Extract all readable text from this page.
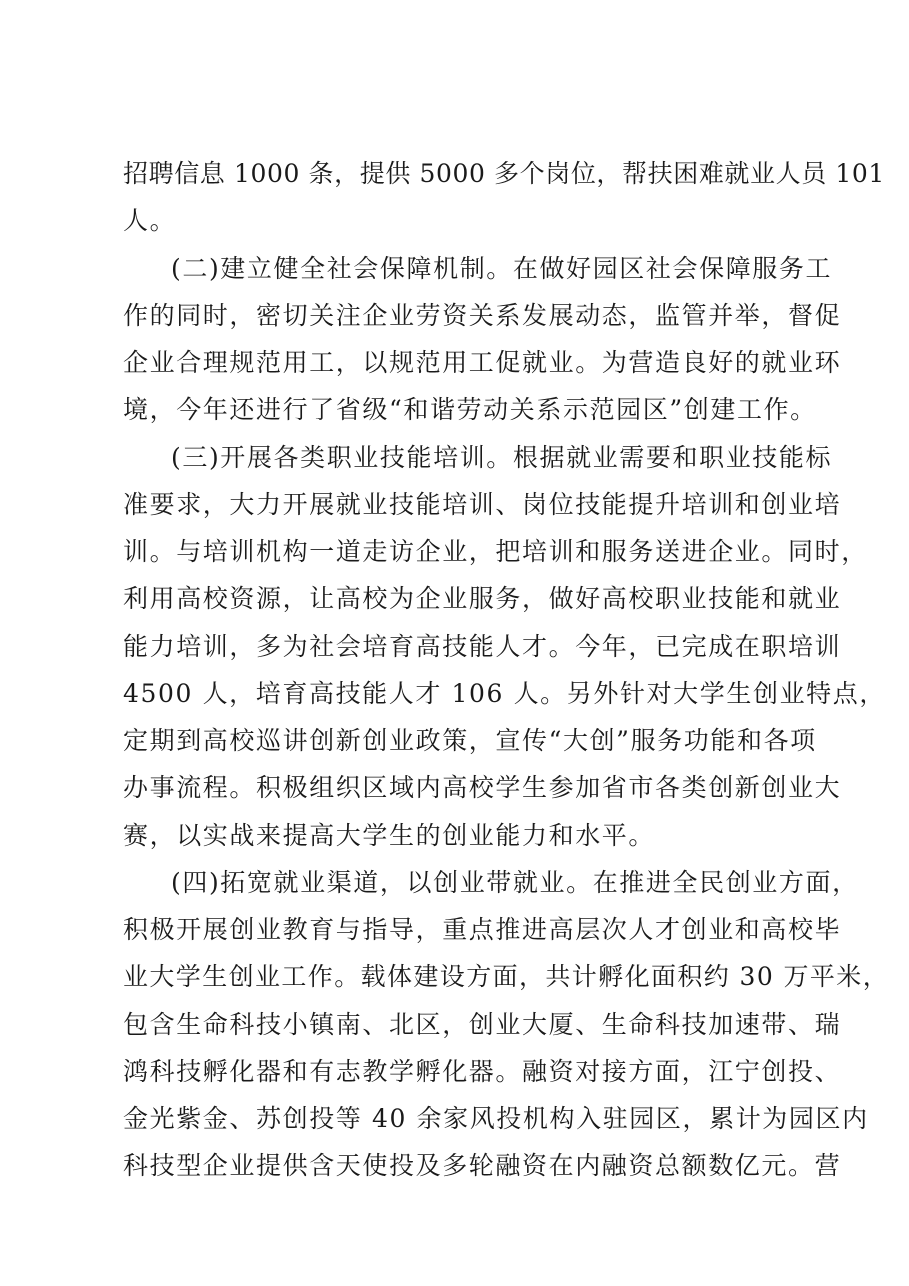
招聘信息 1000 条，提供 5000 多个岗位，帮扶困难就业人员 101
人。
(二)建立健全社会保障机制。在做好园区社会保障服务工
作的同时，密切关注企业劳资关系发展动态，监管并举，督促
企业合理规范用工，以规范用工促就业。为营造良好的就业环
境，今年还进行了省级“和谐劳动关系示范园区”创建工作。
(三)开展各类职业技能培训。根据就业需要和职业技能标
准要求，大力开展就业技能培训、岗位技能提升培训和创业培
训。与培训机构一道走访企业，把培训和服务送进企业。同时，
利用高校资源，让高校为企业服务，做好高校职业技能和就业
能力培训，多为社会培育高技能人才。今年，已完成在职培训
4500 人，培育高技能人才 106 人。另外针对大学生创业特点，
定期到高校巡讲创新创业政策，宣传“大创”服务功能和各项
办事流程。积极组织区域内高校学生参加省市各类创新创业大
赛，以实战来提高大学生的创业能力和水平。
(四)拓宽就业渠道，以创业带就业。在推进全民创业方面，
积极开展创业教育与指导，重点推进高层次人才创业和高校毕
业大学生创业工作。载体建设方面，共计孵化面积约 30 万平米，
包含生命科技小镇南、北区，创业大厦、生命科技加速带、瑞
鸿科技孵化器和有志教学孵化器。融资对接方面，江宁创投、
金光紫金、苏创投等 40 余家风投机构入驻园区，累计为园区内
科技型企业提供含天使投及多轮融资在内融资总额数亿元。营
